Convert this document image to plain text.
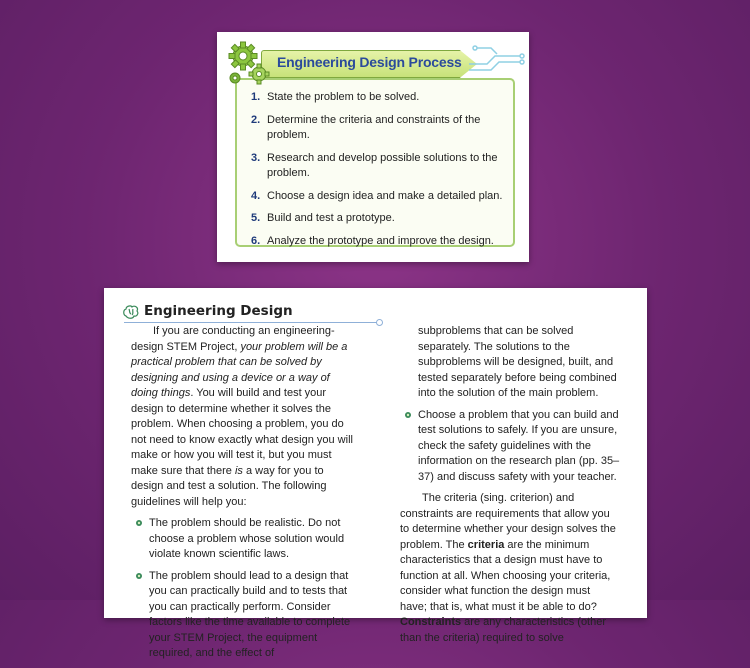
Engineering Design Process
1. State the problem to be solved.
2. Determine the criteria and constraints of the problem.
3. Research and develop possible solutions to the problem.
4. Choose a design idea and make a detailed plan.
5. Build and test a prototype.
6. Analyze the prototype and improve the design.
Engineering Design

If you are conducting an engineering-design STEM Project, your problem will be a practical problem that can be solved by designing and using a device or a way of doing things. You will build and test your design to determine whether it solves the problem. When choosing a problem, you do not need to know exactly what design you will make or how you will test it, but you must make sure that there is a way for you to design and test a solution. The following guidelines will help you:

The problem should be realistic. Do not choose a problem whose solution would violate known scientific laws.
The problem should lead to a design that you can practically build and to tests that you can practically perform. Consider factors like the time available to complete your STEM Project, the equipment required, and the effect of

subproblems that can be solved separately. The solutions to the subproblems will be designed, built, and tested separately before being combined into the solution of the main problem.

Choose a problem that you can build and test solutions to safely. If you are unsure, check the safety guidelines with the information on the research plan (pp. 35–37) and discuss safety with your teacher.

The criteria (sing. criterion) and constraints are requirements that allow you to determine whether your design solves the problem. The criteria are the minimum characteristics that a design must have to function at all. When choosing your criteria, consider what function the design must have; that is, what must it be able to do? Constraints are any characteristics (other than the criteria) required to solve
